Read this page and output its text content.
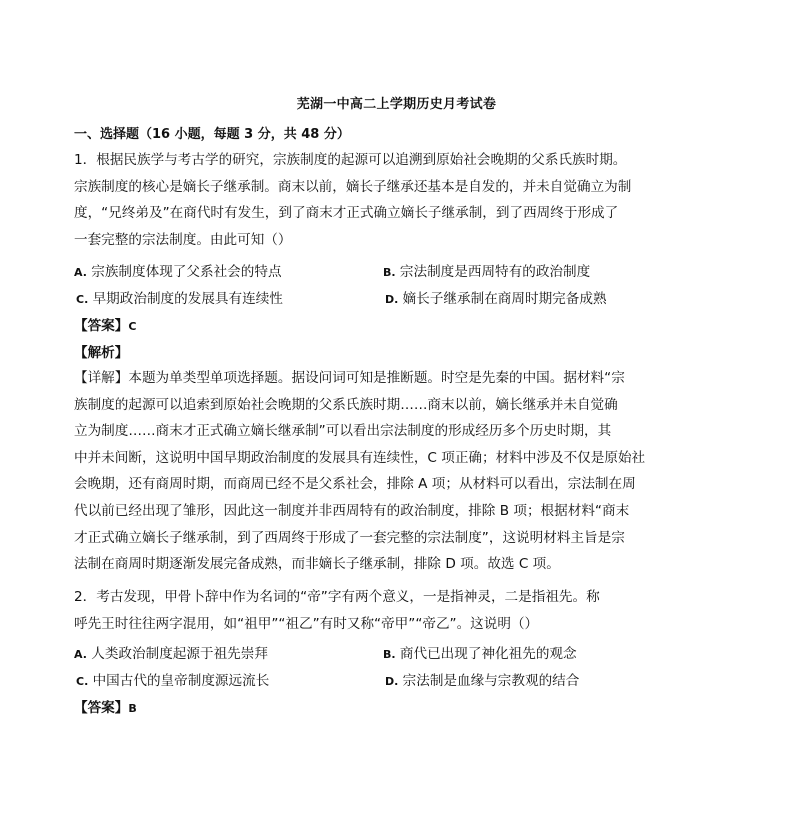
芜湖一中高二上学期历史月考试卷
一、选择题（16 小题，每题 3 分，共 48 分）
1．根据民族学与考古学的研究，宗族制度的起源可以追溯到原始社会晚期的父系氏族时期。
宗族制度的核心是嫡长子继承制。商末以前，嫡长子继承还基本是自发的，并未自觉确立为制
度，“兄终弟及”在商代时有发生，到了商末才正式确立嫡长子继承制，到了西周终于形成了
一套完整的宗法制度。由此可知（）
A. 宗族制度体现了父系社会的特点	B. 宗法制度是西周特有的政治制度
C. 早期政治制度的发展具有连续性	D. 嫡长子继承制在商周时期完备成熟
【答案】C
【解析】
【详解】本题为单类型单项选择题。据设问词可知是推断题。时空是先秦的中国。据材料“宗
族制度的起源可以追索到原始社会晚期的父系氏族时期……商末以前，嫡长继承并未自觉确
立为制度……商末才正式确立嫡长继承制”可以看出宗法制度的形成经历多个历史时期，其
中并未间断，这说明中国早期政治制度的发展具有连续性，C 项正确；材料中涉及不仅是原始社
会晚期，还有商周时期，而商周已经不是父系社会，排除 A 项；从材料可以看出，宗法制在周
代以前已经出现了雏形，因此这一制度并非西周特有的政治制度，排除 B 项；根据材料“商末
才正式确立嫡长子继承制，到了西周终于形成了一套完整的宗法制度”，这说明材料主旨是宗
法制在商周时期逐渐发展完备成熟，而非嫡长子继承制，排除 D 项。故选 C 项。
2．考古发现，甲骨卜辞中作为名词的“帝”字有两个意义，一是指神灵，二是指祖先。称
呼先王时往往两字混用，如“祖甲”“祖乙”有时又称“帝甲”“帝乙”。这说明（）
A. 人类政治制度起源于祖先崇拜	B. 商代已出现了神化祖先的观念
C. 中国古代的皇帝制度源远流长	D. 宗法制是血缘与宗教观的结合
【答案】B
